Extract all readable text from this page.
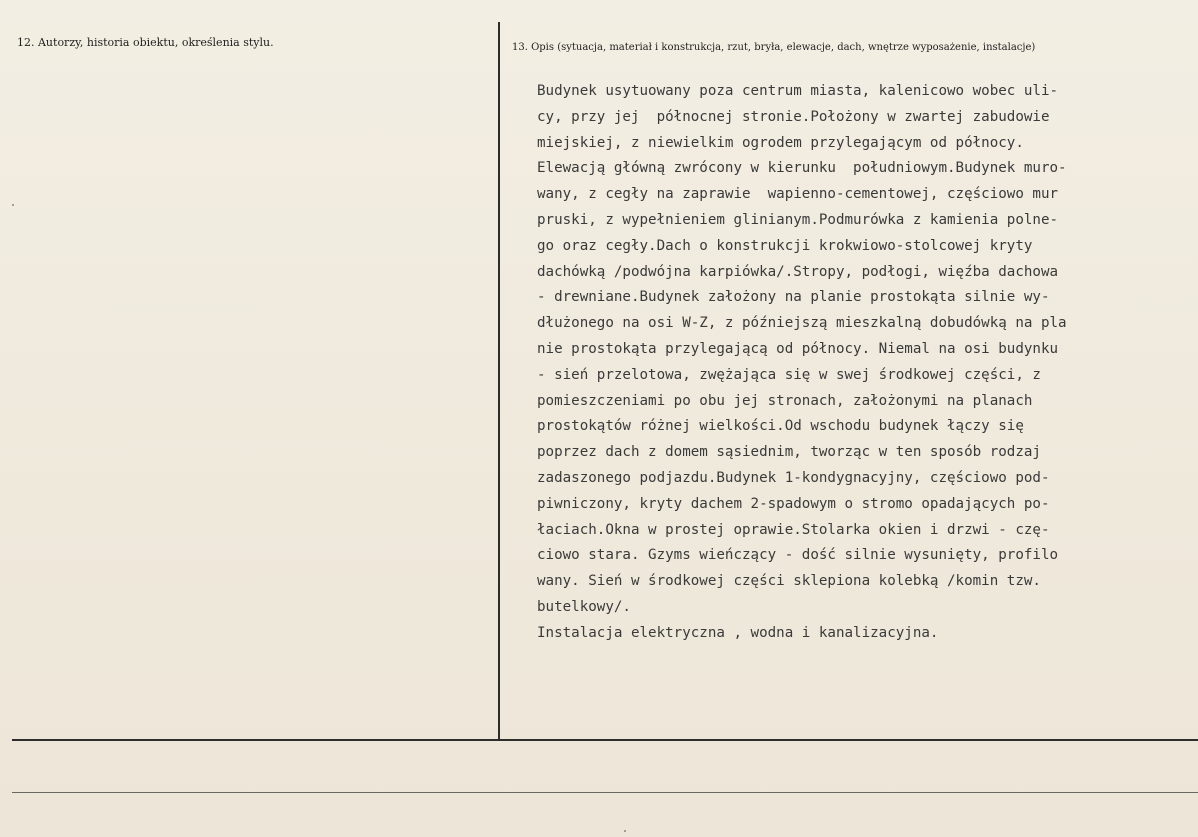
12. Autorzy, historia obiektu, określenia stylu.	13. Opis (sytuacja, materiał i konstrukcja, rzut, bryła, elewacje, dach, wnętrze wyposażenie, instalacje)
Budynek usytuowany poza centrum miasta, kalenicowo wobec uli-
cy, przy jej  północnej stronie.Położony w zwartej zabudowie
miejskiej, z niewielkim ogrodem przylegającym od północy.
Elewacją główną zwrócony w kierunku  południowym.Budynek muro-
wany, z cegły na zaprawie  wapienno-cementowej, częściowo mur
pruski, z wypełnieniem glinianym.Podmurówka z kamienia polne-
go oraz cegły.Dach o konstrukcji krokwiowo-stolcowej kryty
dachówką /podwójna karpiówka/.Stropy, podłogi, więźba dachowa
- drewniane.Budynek założony na planie prostokąta silnie wy-
dłużonego na osi W-Z, z późniejszą mieszkalną dobudówką na pla
nie prostokąta przylegającą od północy. Niemal na osi budynku
- sień przelotowa, zwężająca się w swej środkowej części, z
pomieszczeniami po obu jej stronach, założonymi na planach
prostokątów różnej wielkości.Od wschodu budynek łączy się
poprzez dach z domem sąsiednim, tworząc w ten sposób rodzaj
zadaszonego podjazdu.Budynek 1-kondygnacyjny, częściowo pod-
piwniczony, kryty dachem 2-spadowym o stromo opadających po-
łaciach.Okna w prostej oprawie.Stolarka okien i drzwi - czę-
ciowo stara. Gzyms wieńczący - dość silnie wysunięty, profilo
wany. Sień w środkowej części sklepiona kolebką /komin tzw.
butelkowy/.
Instalacja elektryczna , wodna i kanalizacyjna.
